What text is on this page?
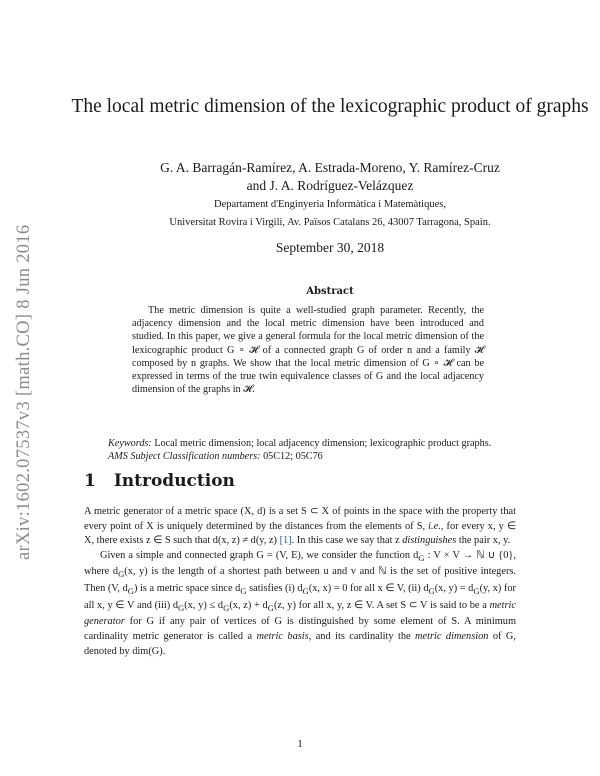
arXiv:1602.07537v3 [math.CO] 8 Jun 2016
The local metric dimension of the lexicographic product of graphs
G. A. Barragán-Ramírez, A. Estrada-Moreno, Y. Ramírez-Cruz
and J. A. Rodríguez-Velázquez
Departament d'Enginyeria Informàtica i Matemàtiques,
Universitat Rovira i Virgili, Av. Països Catalans 26, 43007 Tarragona, Spain.
September 30, 2018
Abstract
The metric dimension is quite a well-studied graph parameter. Recently, the adjacency dimension and the local metric dimension have been introduced and studied. In this paper, we give a general formula for the local metric dimension of the lexicographic product G ∘ 𝓗 of a connected graph G of order n and a family 𝓗 composed by n graphs. We show that the local metric dimension of G ∘ 𝓗 can be expressed in terms of the true twin equivalence classes of G and the local adjacency dimension of the graphs in 𝓗.
Keywords: Local metric dimension; local adjacency dimension; lexicographic product graphs.
AMS Subject Classification numbers: 05C12; 05C76
1 Introduction

A metric generator of a metric space (X, d) is a set S ⊂ X of points in the space with the property that every point of X is uniquely determined by the distances from the elements of S, i.e., for every x, y ∈ X, there exists z ∈ S such that d(x, z) ≠ d(y, z) [1]. In this case we say that z distinguishes the pair x, y.

Given a simple and connected graph G = (V, E), we consider the function $d_G$ : V × V → ℕ ∪ {0}, where $d_G(x$, y) is the length of a shortest path between u and v and ℕ is the set of positive integers. Then (V, $d_G$) is a metric space since $d_G$ satisfies (i) $d_G(x$, x) = 0 for all x ∈ V, (ii) $d_G(x$, $y) = d_G(y$, x) for all x, y ∈ V and (iii) $d_G(x$, $y) \le d_G(x$, $z) + d_G(z$, y) for all x, y, z ∈ V. A set S ⊂ V is said to be a metric generator for G if any pair of vertices of G is distinguished by some element of S. A minimum cardinality metric generator is called a metric basis, and its cardinality the metric dimension of G, denoted by dim(G).

1
